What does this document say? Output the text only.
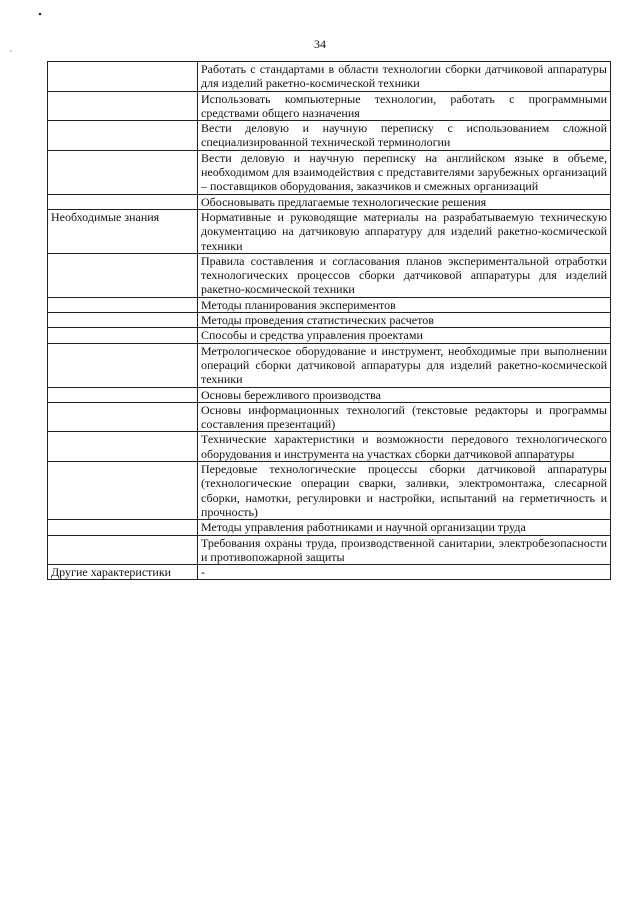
34
	Работать с стандартами в области технологии сборки датчиковой аппаратуры для изделий ракетно-космической техники
	Использовать компьютерные технологии, работать с программными средствами общего назначения
	Вести деловую и научную переписку с использованием сложной специализированной технической терминологии
	Вести деловую и научную переписку на английском языке в объеме, необходимом для взаимодействия с представителями зарубежных организаций – поставщиков оборудования, заказчиков и смежных организаций
	Обосновывать предлагаемые технологические решения
Необходимые знания	Нормативные и руководящие материалы на разрабатываемую техническую документацию на датчиковую аппаратуру для изделий ракетно-космической техники
	Правила составления и согласования планов экспериментальной отработки технологических процессов сборки датчиковой аппаратуры для изделий ракетно-космической техники
	Методы планирования экспериментов
	Методы проведения статистических расчетов
	Способы и средства управления проектами
	Метрологическое оборудование и инструмент, необходимые при выполнении операций сборки датчиковой аппаратуры для изделий ракетно-космической техники
	Основы бережливого производства
	Основы информационных технологий (текстовые редакторы и программы составления презентаций)
	Технические характеристики и возможности передового технологического оборудования и инструмента на участках сборки датчиковой аппаратуры
	Передовые технологические процессы сборки датчиковой аппаратуры (технологические операции сварки, заливки, электромонтажа, слесарной сборки, намотки, регулировки и настройки, испытаний на герметичность и прочность)
	Методы управления работниками и научной организации труда
	Требования охраны труда, производственной санитарии, электробезопасности и противопожарной защиты
Другие характеристики	-
